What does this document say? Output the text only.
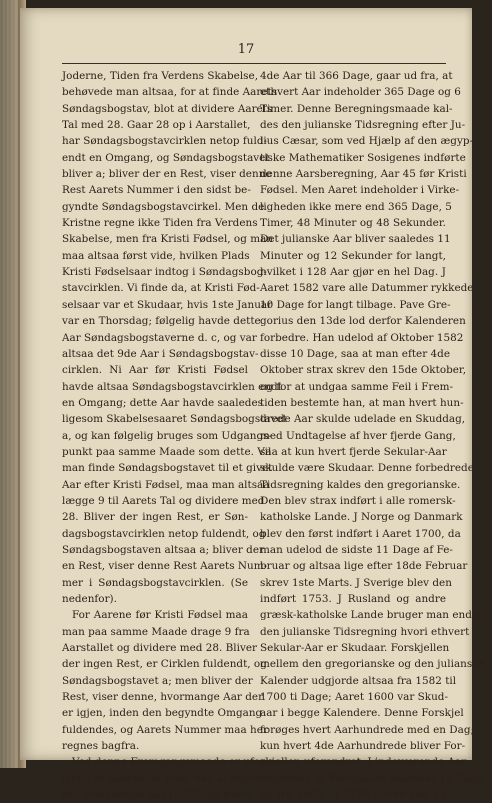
17
Joderne, Tiden fra Verdens Skabelse,
behøvede man altsaa, for at finde Aarets
Søndagsbogstav, blot at dividere Aarets
Tal med 28. Gaar 28 op i Aarstallet,
har Søndagsbogstavcirklen netop fuld-
endt en Omgang, og Søndagsbogstavet
bliver a; bliver der en Rest, viser denne
Rest Aarets Nummer i den sidst be-
gyndte Søndagsbogstavcirkel. Men de
Kristne regne ikke Tiden fra Verdens
Skabelse, men fra Kristi Fødsel, og man
maa altsaa først vide, hvilken Plads
Kristi Fødselsaar indtog i Søndagsbog-
stavcirklen. Vi finde da, at Kristi Fød-
selsaar var et Skudaar, hvis 1ste Januar
var en Thorsdag; følgelig havde dette
Aar Søndagsbogstaverne d. c, og var
altsaa det 9de Aar i Søndagsbogstav-
cirklen. Ni Aar før Kristi Fødsel
havde altsaa Søndagsbogstavcirklen endt
en Omgang; dette Aar havde saaledes
ligesom Skabelsesaaret Søndagsbogstavet
a, og kan følgelig bruges som Udgangs-
punkt paa samme Maade som dette. Vil
man finde Søndagsbogstavet til et givet
Aar efter Kristi Fødsel, maa man altsaa
lægge 9 til Aarets Tal og dividere med
28. Bliver der ingen Rest, er Søn-
dagsbogstavcirklen netop fuldendt, og
Søndagsbogstaven altsaa a; bliver der
en Rest, viser denne Rest Aarets Num-
mer i Søndagsbogstavcirklen. (Se
nedenfor).
For Aarene før Kristi Fødsel maa
man paa samme Maade drage 9 fra
Aarstallet og dividere med 28. Bliver
der ingen Rest, er Cirklen fuldendt, og
Søndagsbogstavet a; men bliver der
Rest, viser denne, hvormange Aar der
er igjen, inden den begyndte Omgang
fuldendes, og Aarets Nummer maa her
regnes bagfra.
Ved denne Fremgangsmaade er ufor-
lertid at mærke, at man, ved at regne
det almindelige Aar til 365 og hvert
4de Aar til 366 Dage, gaar ud fra, at
ethvert Aar indeholder 365 Dage og 6
Timer. Denne Beregningsmaade kal-
des den julianske Tidsregning efter Ju-
lius Cæsar, som ved Hjælp af den ægyp-
tiske Mathematiker Sosigenes indførte
denne Aarsberegning, Aar 45 før Kristi
Fødsel. Men Aaret indeholder i Virke-
ligheden ikke mere end 365 Dage, 5
Timer, 48 Minuter og 48 Sekunder.
Det julianske Aar bliver saaledes 11
Minuter og 12 Sekunder for langt,
hvilket i 128 Aar gjør en hel Dag. J
Aaret 1582 vare alle Datummer rykkede
10 Dage for langt tilbage. Pave Gre-
gorius den 13de lod derfor Kalenderen
forbedre. Han udelod af Oktober 1582
disse 10 Dage, saa at man efter 4de
Oktober strax skrev den 15de Oktober,
og for at undgaa samme Feil i Frem-
tiden bestemte han, at man hvert hun-
drede Aar skulde udelade en Skuddag,
med Undtagelse af hver fjerde Gang,
saa at kun hvert fjerde Sekular-Aar
skulde være Skudaar. Denne forbedrede
Tidsregning kaldes den gregorianske.
Den blev strax indført i alle romersk-
katholske Lande. J Norge og Danmark
blev den først indført i Aaret 1700, da
man udelod de sidste 11 Dage af Fe-
bruar og altsaa lige efter 18de Februar
skrev 1ste Marts. J Sverige blev den
indført 1753. J Rusland og andre
græsk-katholske Lande bruger man endnu
den julianske Tidsregning hvori ethvert
Sekular-Aar er Skudaar. Forskjellen
mellem den gregorianske og den julianske
Kalender udgjorde altsaa fra 1582 til
1700 ti Dage; Aaret 1600 var Skud-
aar i begge Kalendere. Denne Forskjel
forøges hvert Aarhundrede med en Dag;
kun hvert 4de Aarhundrede bliver For-
skjellen uforandret. J indeværende Aar-
hundrede er Forskjellen saaledes 12 Dage;
og fra 1900 til 2100 bliver den 13
